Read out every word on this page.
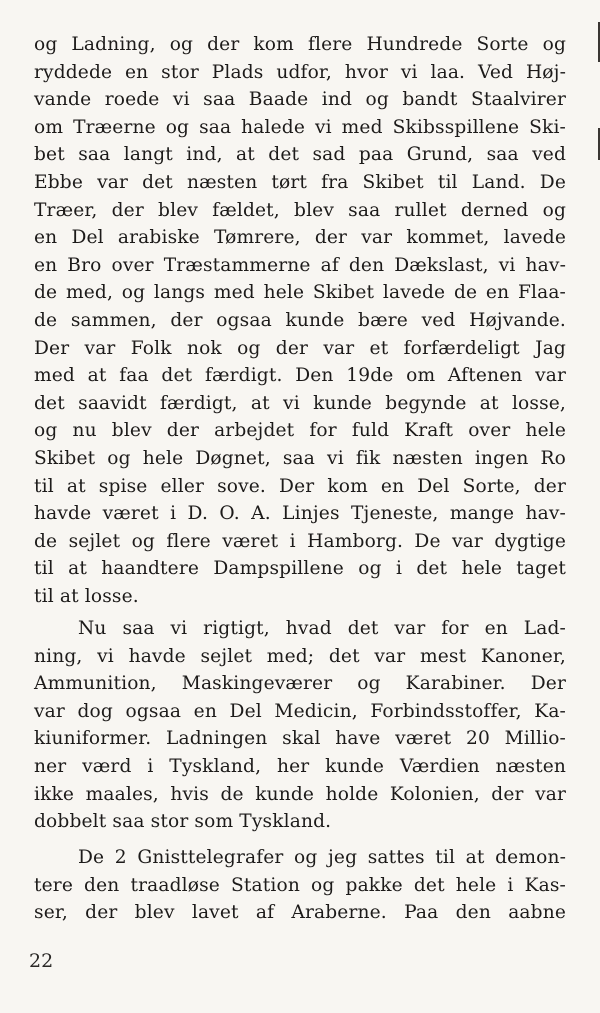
og Ladning, og der kom flere Hundrede Sorte og
ryddede en stor Plads udfor, hvor vi laa. Ved Høj-
vande roede vi saa Baade ind og bandt Staalvirer
om Træerne og saa halede vi med Skibsspillene Ski-
bet saa langt ind, at det sad paa Grund, saa ved
Ebbe var det næsten tørt fra Skibet til Land. De
Træer, der blev fældet, blev saa rullet derned og
en Del arabiske Tømrere, der var kommet, lavede
en Bro over Træstammerne af den Dækslast, vi hav-
de med, og langs med hele Skibet lavede de en Flaa-
de sammen, der ogsaa kunde bære ved Højvande.
Der var Folk nok og der var et forfærdeligt Jag
med at faa det færdigt. Den 19de om Aftenen var
det saavidt færdigt, at vi kunde begynde at losse,
og nu blev der arbejdet for fuld Kraft over hele
Skibet og hele Døgnet, saa vi fik næsten ingen Ro
til at spise eller sove. Der kom en Del Sorte, der
havde været i D. O. A. Linjes Tjeneste, mange hav-
de sejlet og flere været i Hamborg. De var dygtige
til at haandtere Dampspillene og i det hele taget
til at losse.
Nu saa vi rigtigt, hvad det var for en Lad-
ning, vi havde sejlet med; det var mest Kanoner,
Ammunition, Maskingeværer og Karabiner. Der
var dog ogsaa en Del Medicin, Forbindsstoffer, Ka-
kiuniformer. Ladningen skal have været 20 Millio-
ner værd i Tyskland, her kunde Værdien næsten
ikke maales, hvis de kunde holde Kolonien, der var
dobbelt saa stor som Tyskland.
De 2 Gnisttelegrafer og jeg sattes til at demon-
tere den traadløse Station og pakke det hele i Kas-
ser, der blev lavet af Araberne. Paa den aabne
22
